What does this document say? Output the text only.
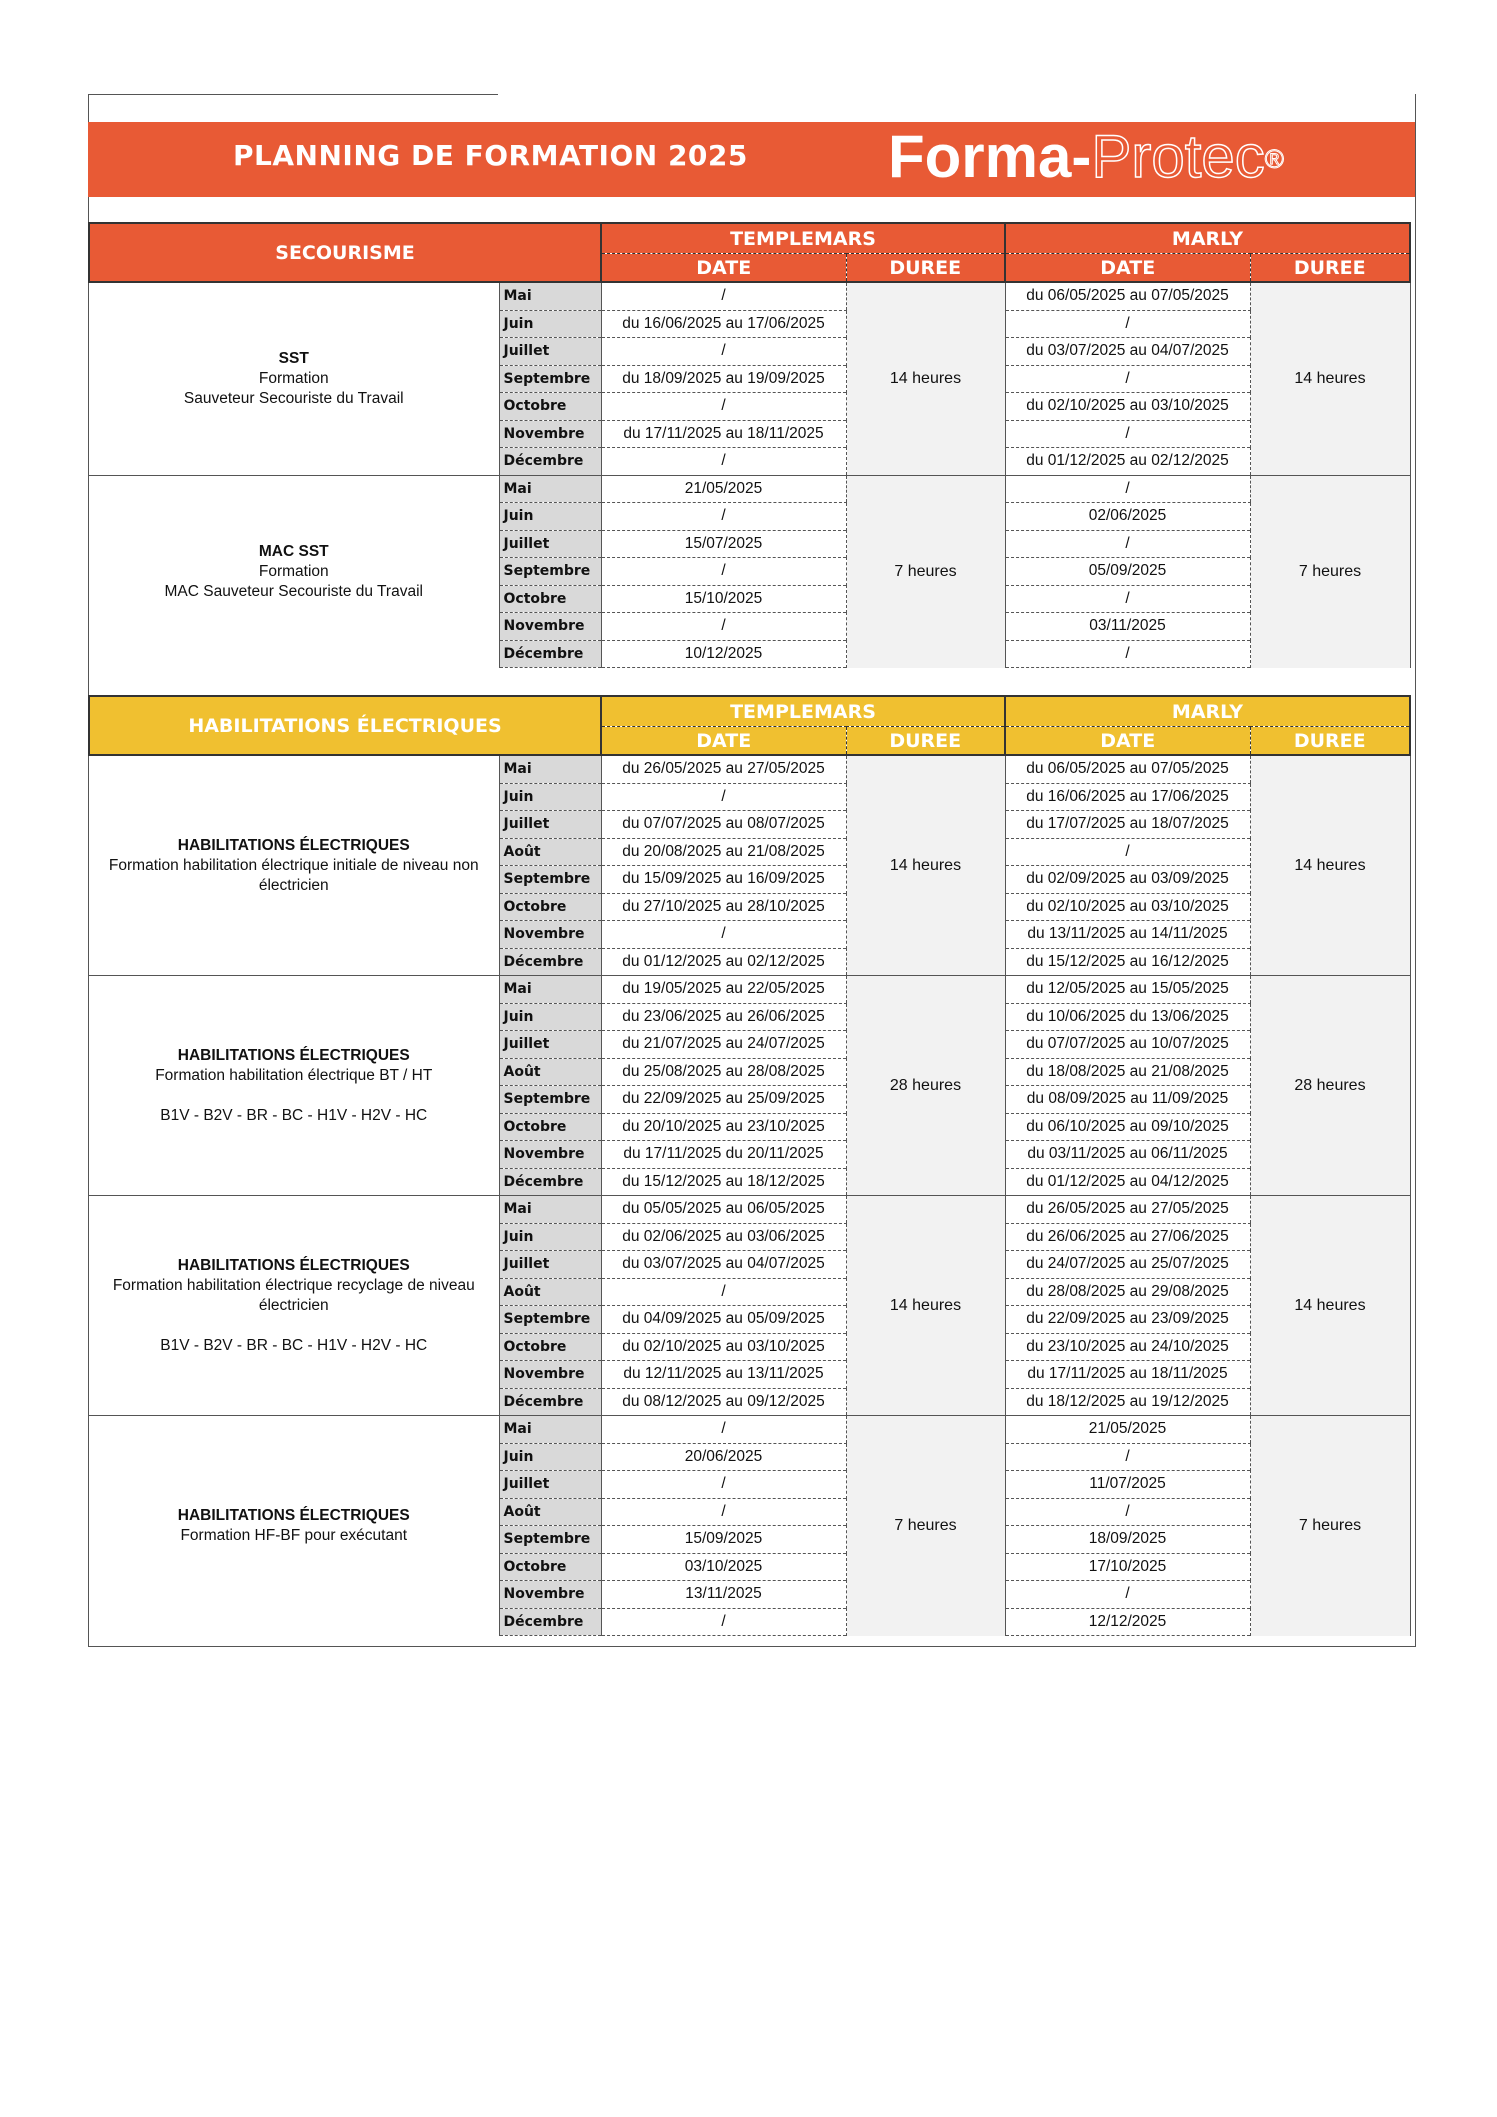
PLANNING DE FORMATION 2025 Forma-Protec®
SECOURISME		TEMPLEMARS		MARLY	
		DATE	DUREE	DATE	DUREE

SST
Formation
Sauveteur Secouriste du Travail	Mai	/	14 heures	du 06/05/2025 au 07/05/2025	14 heures
	Juin	du 16/06/2025 au 17/06/2025		/	
	Juillet	/		du 03/07/2025 au 04/07/2025	
	Septembre	du 18/09/2025 au 19/09/2025		/	
	Octobre	/		du 02/10/2025 au 03/10/2025	
	Novembre	du 17/11/2025 au 18/11/2025		/	
	Décembre	/		du 01/12/2025 au 02/12/2025	

MAC SST
Formation
MAC Sauveteur Secouriste du Travail	Mai	21/05/2025	7 heures	/	7 heures
	Juin	/		02/06/2025	
	Juillet	15/07/2025		/	
	Septembre	/		05/09/2025	
	Octobre	15/10/2025		/	
	Novembre	/		03/11/2025	
	Décembre	10/12/2025		/	
HABILITATIONS ÉLECTRIQUES		TEMPLEMARS		MARLY	
		DATE	DUREE	DATE	DUREE

HABILITATIONS ÉLECTRIQUES
Formation habilitation électrique initiale de niveau non électricien	Mai	du 26/05/2025 au 27/05/2025	14 heures	du 06/05/2025 au 07/05/2025	14 heures
	Juin	/		du 16/06/2025 au 17/06/2025	
	Juillet	du 07/07/2025 au 08/07/2025		du 17/07/2025 au 18/07/2025	
	Août	du 20/08/2025 au 21/08/2025		/	
	Septembre	du 15/09/2025 au 16/09/2025		du 02/09/2025 au 03/09/2025	
	Octobre	du 27/10/2025 au 28/10/2025		du 02/10/2025 au 03/10/2025	
	Novembre	/		du 13/11/2025 au 14/11/2025	
	Décembre	du 01/12/2025 au 02/12/2025		du 15/12/2025 au 16/12/2025	

HABILITATIONS ÉLECTRIQUES
Formation habilitation électrique BT / HT

B1V - B2V - BR - BC - H1V - H2V - HC	Mai	du 19/05/2025 au 22/05/2025	28 heures	du 12/05/2025 au 15/05/2025	28 heures
	Juin	du 23/06/2025 au 26/06/2025		du 10/06/2025 du 13/06/2025	
	Juillet	du 21/07/2025 au 24/07/2025		du 07/07/2025 au 10/07/2025	
	Août	du 25/08/2025 au 28/08/2025		du 18/08/2025 au 21/08/2025	
	Septembre	du 22/09/2025 au 25/09/2025		du 08/09/2025 au 11/09/2025	
	Octobre	du 20/10/2025 au 23/10/2025		du 06/10/2025 au 09/10/2025	
	Novembre	du 17/11/2025 du 20/11/2025		du 03/11/2025 au 06/11/2025	
	Décembre	du 15/12/2025 au 18/12/2025		du 01/12/2025 au 04/12/2025	

HABILITATIONS ÉLECTRIQUES
Formation habilitation électrique recyclage de niveau électricien

B1V - B2V - BR - BC - H1V - H2V - HC	Mai	du 05/05/2025 au 06/05/2025	14 heures	du 26/05/2025 au 27/05/2025	14 heures
	Juin	du 02/06/2025 au 03/06/2025		du 26/06/2025 au 27/06/2025	
	Juillet	du 03/07/2025 au 04/07/2025		du 24/07/2025 au 25/07/2025	
	Août	/		du 28/08/2025 au 29/08/2025	
	Septembre	du 04/09/2025 au 05/09/2025		du 22/09/2025 au 23/09/2025	
	Octobre	du 02/10/2025 au 03/10/2025		du 23/10/2025 au 24/10/2025	
	Novembre	du 12/11/2025 au 13/11/2025		du 17/11/2025 au 18/11/2025	
	Décembre	du 08/12/2025 au 09/12/2025		du 18/12/2025 au 19/12/2025	

HABILITATIONS ÉLECTRIQUES
Formation HF-BF pour exécutant	Mai	/	7 heures	21/05/2025	7 heures
	Juin	20/06/2025		/	
	Juillet	/		11/07/2025	
	Août	/		/	
	Septembre	15/09/2025		18/09/2025	
	Octobre	03/10/2025		17/10/2025	
	Novembre	13/11/2025		/	
	Décembre	/		12/12/2025	
